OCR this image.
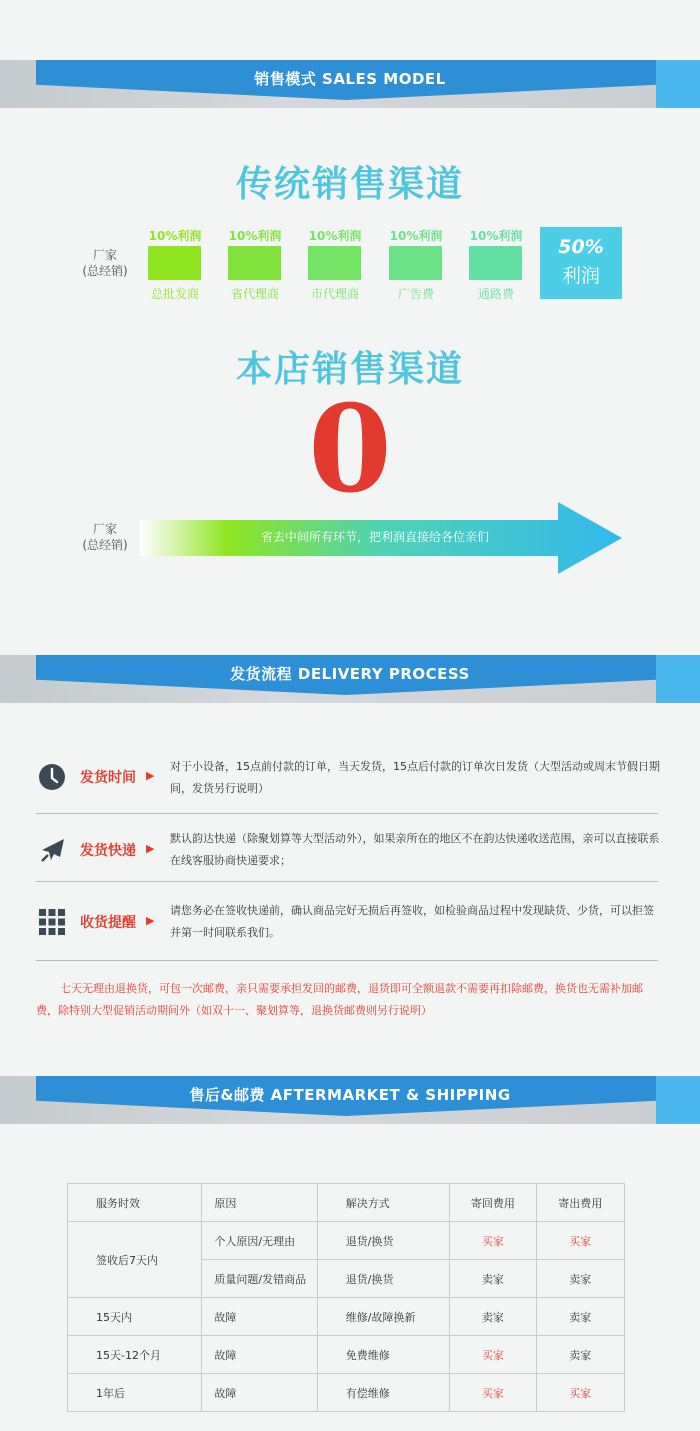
销售模式 SALES MODEL
传统销售渠道
厂家
(总经销)
10%利润
总批发商
10%利润
省代理商
10%利润
市代理商
10%利润
广告费
10%利润
通路费
50%
利润
本店销售渠道
0
厂家
(总经销)
省去中间所有环节，把利润直接给各位亲们
发货流程 DELIVERY PROCESS
发货时间 ▶
对于小设备，15点前付款的订单，当天发货，15点后付款的订单次日发货（大型活动或周末节假日期间，发货另行说明）
发货快递 ▶
默认韵达快递（除聚划算等大型活动外），如果亲所在的地区不在韵达快递收送范围，亲可以直接联系在线客服协商快递要求；
收货提醒 ▶
请您务必在签收快递前，确认商品完好无损后再签收，如检验商品过程中发现缺货、少货，可以拒签并第一时间联系我们。
七天无理由退换货，可包一次邮费，亲只需要承担发回的邮费，退货即可全额退款不需要再扣除邮费，换货也无需补加邮费，除特别大型促销活动期间外（如双十一、聚划算等，退换货邮费则另行说明）
售后&邮费 AFTERMARKET & SHIPPING
服务时效	原因	解决方式	寄回费用	寄出费用
签收后7天内	个人原因/无理由	退货/换货	买家	买家
	质量问题/发错商品	退货/换货	卖家	卖家
15天内	故障	维修/故障换新	卖家	卖家
15天-12个月	故障	免费维修	买家	卖家
1年后	故障	有偿维修	买家	买家
